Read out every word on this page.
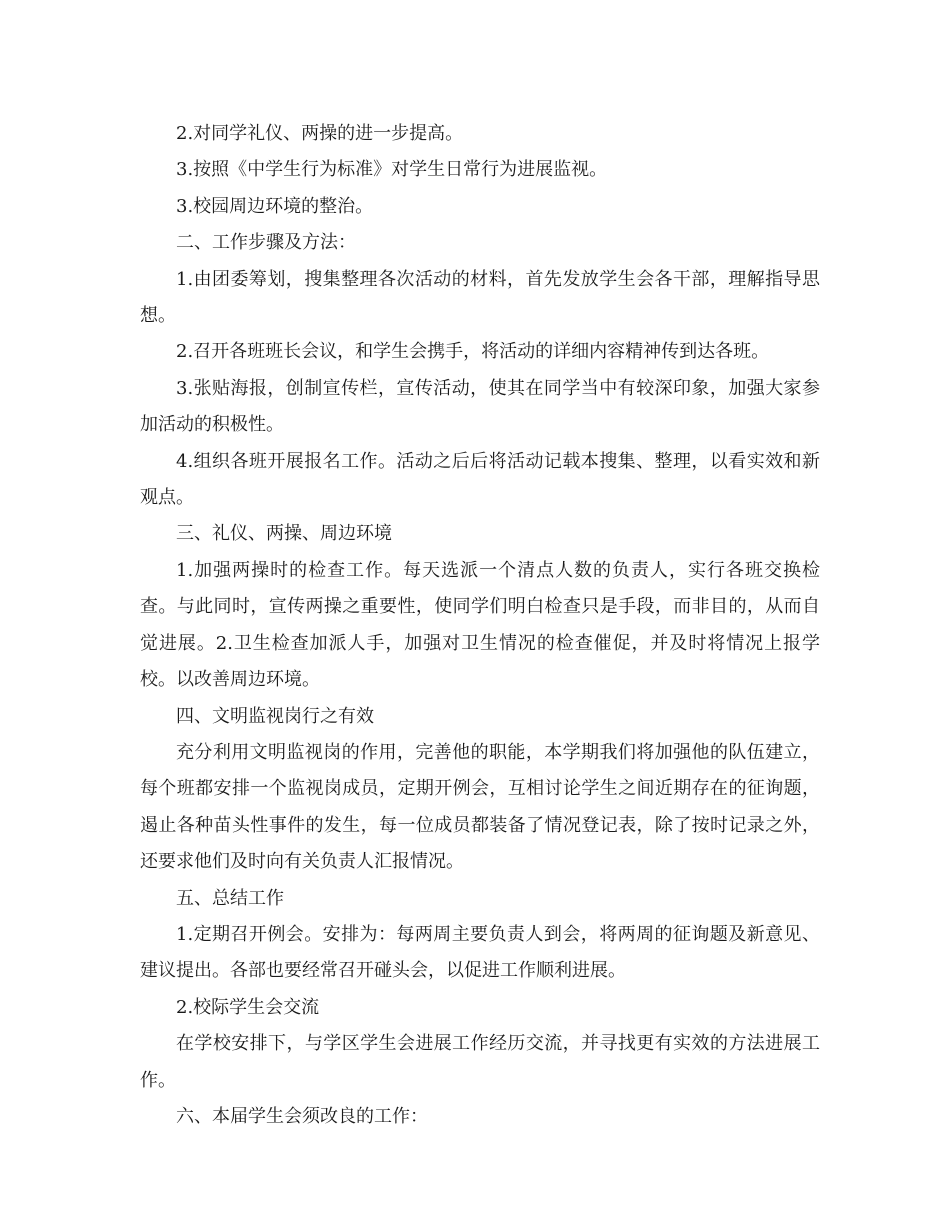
2.对同学礼仪、两操的进一步提高。

3.按照《中学生行为标准》对学生日常行为进展监视。

3.校园周边环境的整治。

二、工作步骤及方法：

1.由团委筹划，搜集整理各次活动的材料，首先发放学生会各干部，理解指导思想。

2.召开各班班长会议，和学生会携手，将活动的详细内容精神传到达各班。

3.张贴海报，创制宣传栏，宣传活动，使其在同学当中有较深印象，加强大家参加活动的积极性。

4.组织各班开展报名工作。活动之后后将活动记载本搜集、整理，以看实效和新观点。

三、礼仪、两操、周边环境

1.加强两操时的检查工作。每天选派一个清点人数的负责人，实行各班交换检查。与此同时，宣传两操之重要性，使同学们明白检查只是手段，而非目的，从而自觉进展。2.卫生检查加派人手，加强对卫生情况的检查催促，并及时将情况上报学校。以改善周边环境。

四、文明监视岗行之有效

充分利用文明监视岗的作用，完善他的职能，本学期我们将加强他的队伍建立，每个班都安排一个监视岗成员，定期开例会，互相讨论学生之间近期存在的征询题，遏止各种苗头性事件的发生，每一位成员都装备了情况登记表，除了按时记录之外，还要求他们及时向有关负责人汇报情况。

五、总结工作

1.定期召开例会。安排为：每两周主要负责人到会，将两周的征询题及新意见、建议提出。各部也要经常召开碰头会，以促进工作顺利进展。

2.校际学生会交流

在学校安排下，与学区学生会进展工作经历交流，并寻找更有实效的方法进展工作。

六、本届学生会须改良的工作：
